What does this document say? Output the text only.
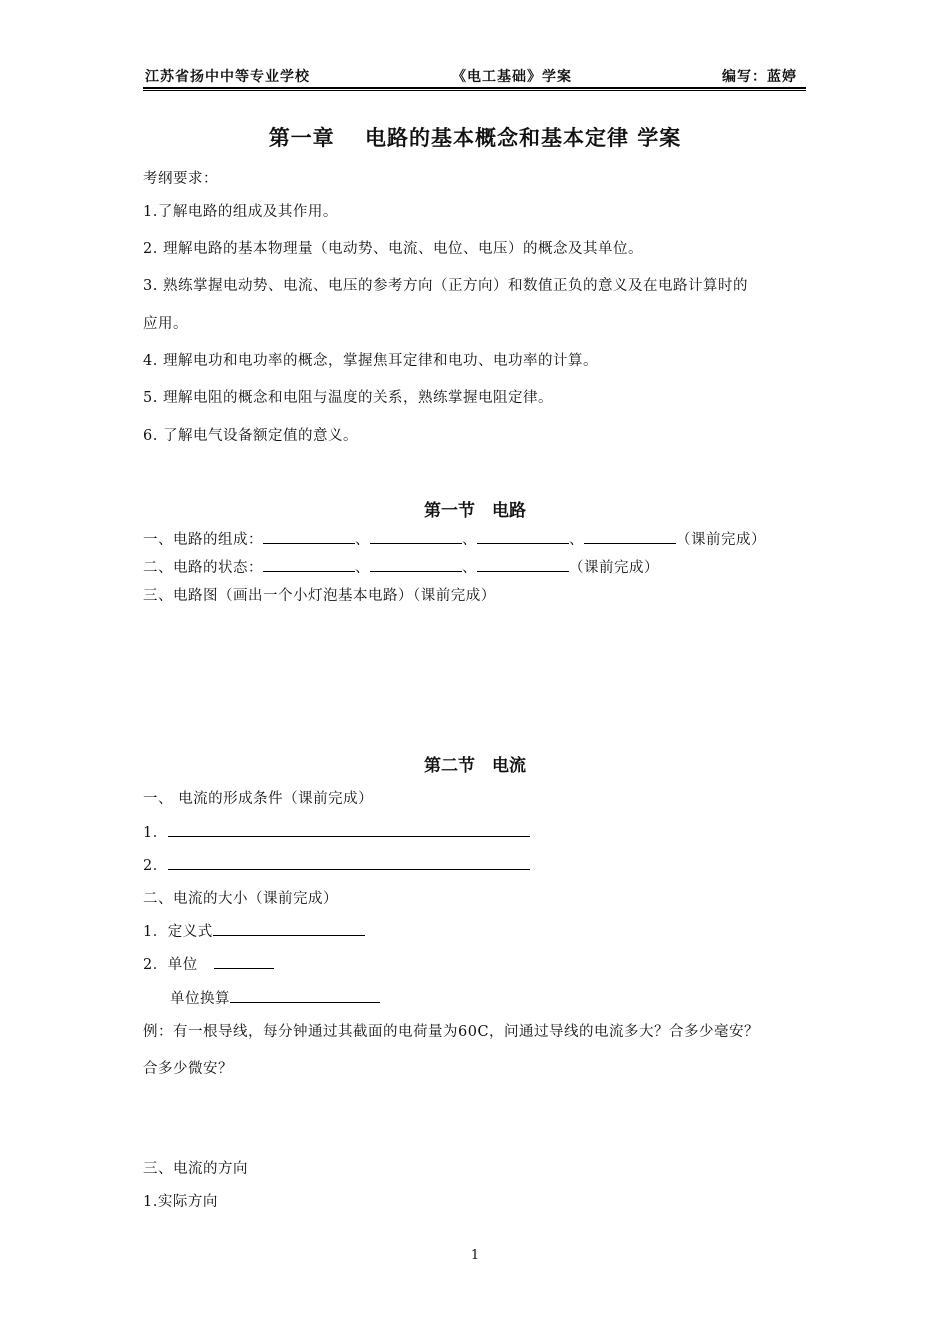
江苏省扬中中等专业学校	《电工基础》学案	编写：蓝婷
第一章　 电路的基本概念和基本定律 学案
考纲要求：
1.了解电路的组成及其作用。
2. 理解电路的基本物理量（电动势、电流、电位、电压）的概念及其单位。
3. 熟练掌握电动势、电流、电压的参考方向（正方向）和数值正负的意义及在电路计算时的
应用。
4. 理解电功和电功率的概念，掌握焦耳定律和电功、电功率的计算。
5. 理解电阻的概念和电阻与温度的关系，熟练掌握电阻定律。
6. 了解电气设备额定值的意义。
第一节　电路
一、电路的组成：	、	、	、	（课前完成）
二、电路的状态：	、	、	（课前完成）
三、电路图（画出一个小灯泡基本电路）（课前完成）
第二节　电流
一、 电流的形成条件（课前完成）
1．
2．
二、电流的大小（课前完成）
1．定义式
2．单位
单位换算
例：有一根导线，每分钟通过其截面的电荷量为60C，问通过导线的电流多大？合多少毫安？
合多少微安？
三、电流的方向
1.实际方向
1
